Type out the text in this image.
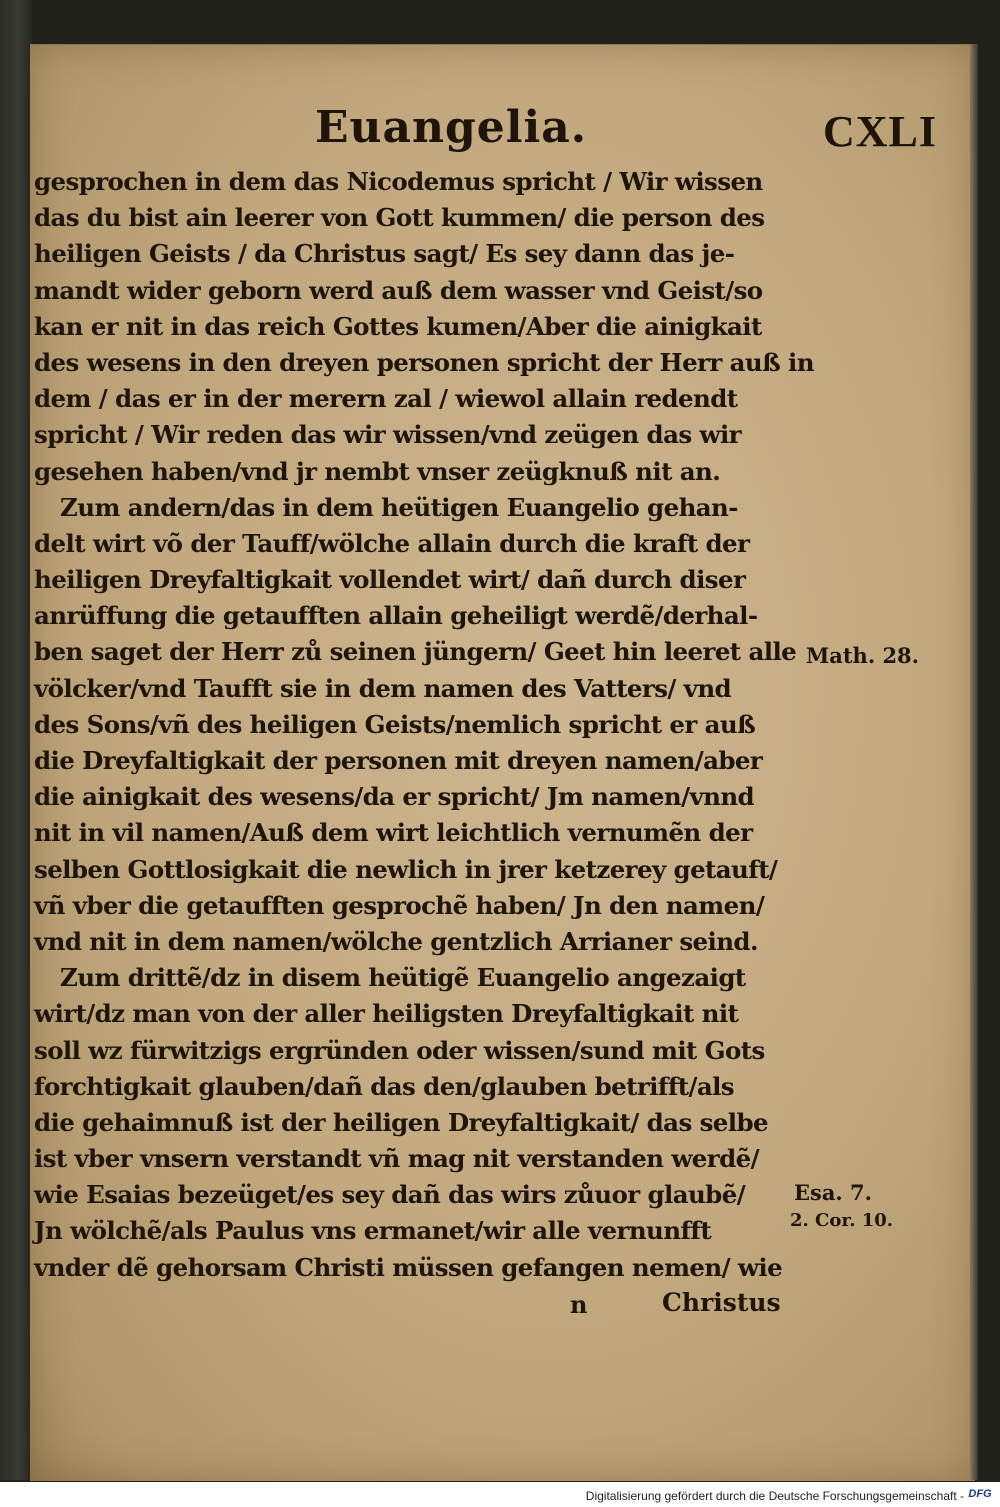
Euangelia.	CXLI
gesprochen in dem das Nicodemus spricht / Wir wissen
das du bist ain leerer von Gott kummen/ die person des
heiligen Geists / da Christus sagt/ Es sey dann das je-
mandt wider geborn werd auß dem wasser vnd Geist/so
kan er nit in das reich Gottes kumen/Aber die ainigkait
des wesens in den dreyen personen spricht der Herr auß in
dem / das er in der merern zal / wiewol allain redendt
spricht / Wir reden das wir wissen/vnd zeügen das wir
gesehen haben/vnd jr nembt vnser zeügknuß nit an.
Zum andern/das in dem heütigen Euangelio gehan-
delt wirt võ der Tauff/wölche allain durch die kraft der
heiligen Dreyfaltigkait vollendet wirt/ dañ durch diser
anrüffung die getaufften allain geheiligt werdẽ/derhal-
ben saget der Herr zů seinen jüngern/ Geet hin leeret alle
völcker/vnd Taufft sie in dem namen des Vatters/ vnd
des Sons/vñ des heiligen Geists/nemlich spricht er auß
die Dreyfaltigkait der personen mit dreyen namen/aber
die ainigkait des wesens/da er spricht/ Jm namen/vnnd
nit in vil namen/Auß dem wirt leichtlich vernumẽn der
selben Gottlosigkait die newlich in jrer ketzerey getauft/
vñ vber die getaufften gesprochẽ haben/ Jn den namen/
vnd nit in dem namen/wölche gentzlich Arrianer seind.
Zum drittẽ/dz in disem heütigẽ Euangelio angezaigt
wirt/dz man von der aller heiligsten Dreyfaltigkait nit
soll wz fürwitzigs ergründen oder wissen/sund mit Gots
forchtigkait glauben/dañ das den/glauben betrifft/als
die gehaimnuß ist der heiligen Dreyfaltigkait/ das selbe
ist vber vnsern verstandt vñ mag nit verstanden werdẽ/
wie Esaias bezeüget/es sey dañ das wirs zůuor glaubẽ/
Jn wölchẽ/als Paulus vns ermanet/wir alle vernunfft
vnder dẽ gehorsam Christi müssen gefangen nemen/ wie
Math. 28.
Esa. 7.
2. Cor. 10.
n	Christus
Digitalisierung gefördert durch die Deutsche Forschungsgemeinschaft - DFG
